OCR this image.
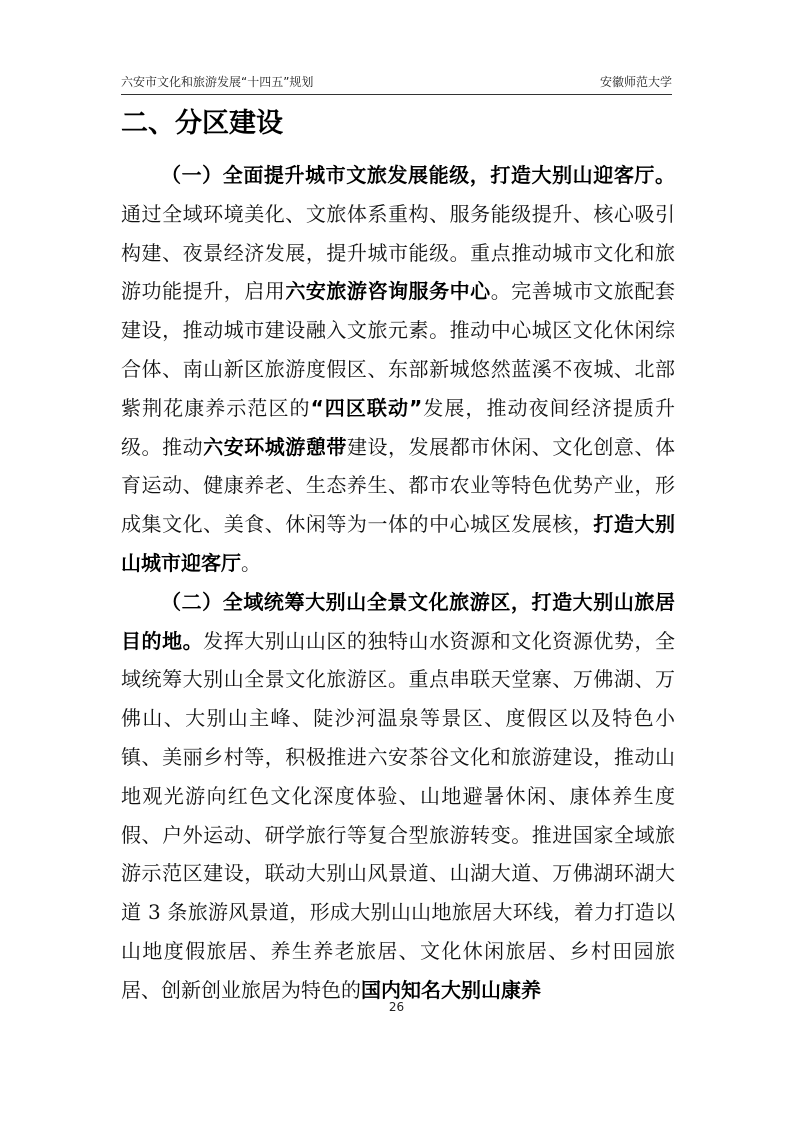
六安市文化和旅游发展“十四五”规划	安徽师范大学
二、分区建设

（一）全面提升城市文旅发展能级，打造大别山迎客厅。通过全域环境美化、文旅体系重构、服务能级提升、核心吸引构建、夜景经济发展，提升城市能级。重点推动城市文化和旅游功能提升，启用六安旅游咨询服务中心。完善城市文旅配套建设，推动城市建设融入文旅元素。推动中心城区文化休闲综合体、南山新区旅游度假区、东部新城悠然蓝溪不夜城、北部紫荆花康养示范区的“四区联动”发展，推动夜间经济提质升级。推动六安环城游憩带建设，发展都市休闲、文化创意、体育运动、健康养老、生态养生、都市农业等特色优势产业，形成集文化、美食、休闲等为一体的中心城区发展核，打造大别山城市迎客厅。

（二）全域统筹大别山全景文化旅游区，打造大别山旅居目的地。发挥大别山山区的独特山水资源和文化资源优势，全域统筹大别山全景文化旅游区。重点串联天堂寨、万佛湖、万佛山、大别山主峰、陡沙河温泉等景区、度假区以及特色小镇、美丽乡村等，积极推进六安茶谷文化和旅游建设，推动山地观光游向红色文化深度体验、山地避暑休闲、康体养生度假、户外运动、研学旅行等复合型旅游转变。推进国家全域旅游示范区建设，联动大别山风景道、山湖大道、万佛湖环湖大道 3 条旅游风景道，形成大别山山地旅居大环线，着力打造以山地度假旅居、养生养老旅居、文化休闲旅居、乡村田园旅居、创新创业旅居为特色的国内知名大别山康养

26
